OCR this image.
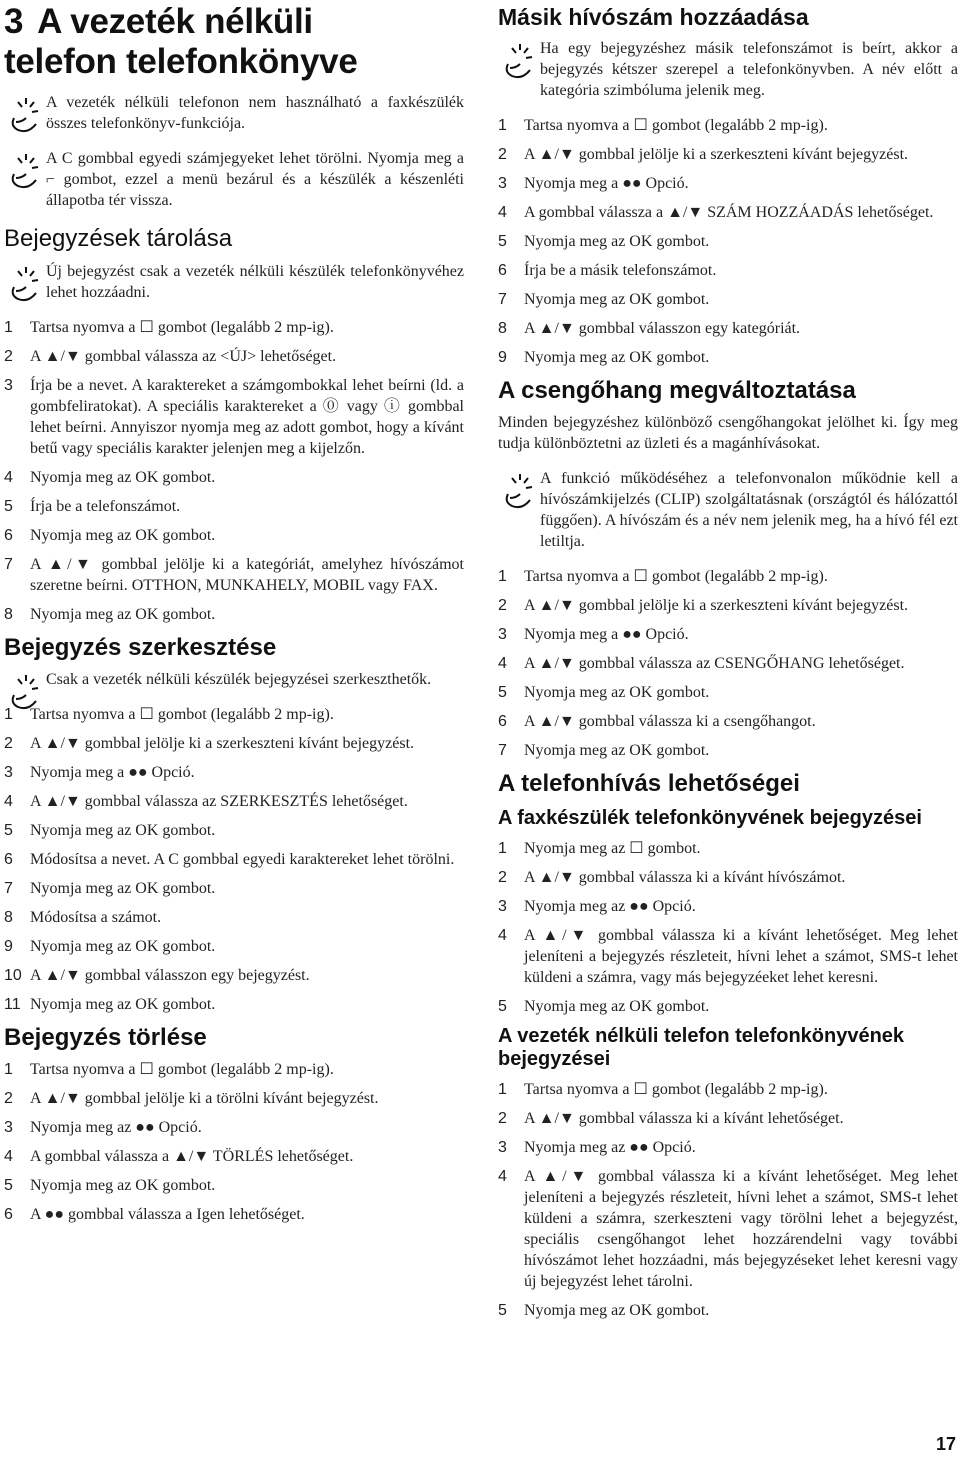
3 A vezeték nélküli
telefon telefonkönyve

A vezeték nélküli telefonon nem használható a faxkészülék összes telefonkönyv-funkciója.

A C gombbal egyedi számjegyeket lehet törölni. Nyomja meg a ⌐ gombot, ezzel a menü bezárul és a készülék a készenléti állapotba tér vissza.

Bejegyzések tárolása

Új bejegyzést csak a vezeték nélküli készülék telefonkönyvéhez lehet hozzáadni.

1 Tartsa nyomva a ☐ gombot (legalább 2 mp-ig).
2 A ▲/▼ gombbal válassza az <ÚJ> lehetőséget.
3 Írja be a nevet. A karaktereket a számgombokkal lehet beírni (ld. a gombfeliratokat). A speciális karaktereket a ⓪ vagy ⓘ gombbal lehet beírni. Annyiszor nyomja meg az adott gombot, hogy a kívánt betű vagy speciális karakter jelenjen meg a kijelzőn.
4 Nyomja meg az OK gombot.
5 Írja be a telefonszámot.
6 Nyomja meg az OK gombot.
7 A ▲/▼ gombbal jelölje ki a kategóriát, amelyhez hívószámot szeretne beírni. OTTHON, MUNKAHELY, MOBIL vagy FAX.
8 Nyomja meg az OK gombot.
Bejegyzés szerkesztése

Csak a vezeték nélküli készülék bejegyzései szerkeszthetők.

1 Tartsa nyomva a ☐ gombot (legalább 2 mp-ig).
2 A ▲/▼ gombbal jelölje ki a szerkeszteni kívánt bejegyzést.
3 Nyomja meg a ●● Opció.
4 A ▲/▼ gombbal válassza az SZERKESZTÉS lehetőséget.
5 Nyomja meg az OK gombot.
6 Módosítsa a nevet. A C gombbal egyedi karaktereket lehet törölni.
7 Nyomja meg az OK gombot.
8 Módosítsa a számot.
9 Nyomja meg az OK gombot.
10 A ▲/▼ gombbal válasszon egy bejegyzést.
11 Nyomja meg az OK gombot.
Bejegyzés törlése
1 Tartsa nyomva a ☐ gombot (legalább 2 mp-ig).
2 A ▲/▼ gombbal jelölje ki a törölni kívánt bejegyzést.
3 Nyomja meg az ●● Opció.
4 A gombbal válassza a ▲/▼ TÖRLÉS lehetőséget.
5 Nyomja meg az OK gombot.
6 A ●● gombbal válassza a Igen lehetőséget.
Másik hívószám hozzáadása

Ha egy bejegyzéshez másik telefonszámot is beírt, akkor a bejegyzés kétszer szerepel a telefonkönyvben. A név előtt a kategória szimbóluma jelenik meg.

1 Tartsa nyomva a ☐ gombot (legalább 2 mp-ig).
2 A ▲/▼ gombbal jelölje ki a szerkeszteni kívánt bejegyzést.
3 Nyomja meg a ●● Opció.
4 A gombbal válassza a ▲/▼ SZÁM HOZZÁADÁS lehetőséget.
5 Nyomja meg az OK gombot.
6 Írja be a másik telefonszámot.
7 Nyomja meg az OK gombot.
8 A ▲/▼ gombbal válasszon egy kategóriát.
9 Nyomja meg az OK gombot.
A csengőhang megváltoztatása

Minden bejegyzéshez különböző csengőhangokat jelölhet ki. Így meg tudja különböztetni az üzleti és a magánhívásokat.

A funkció működéséhez a telefonvonalon működnie kell a hívószámkijelzés (CLIP) szolgáltatásnak (országtól és hálózattól függően). A hívószám és a név nem jelenik meg, ha a hívó fél ezt letiltja.

1 Tartsa nyomva a ☐ gombot (legalább 2 mp-ig).
2 A ▲/▼ gombbal jelölje ki a szerkeszteni kívánt bejegyzést.
3 Nyomja meg a ●● Opció.
4 A ▲/▼ gombbal válassza az CSENGŐHANG lehetőséget.
5 Nyomja meg az OK gombot.
6 A ▲/▼ gombbal válassza ki a csengőhangot.
7 Nyomja meg az OK gombot.
A telefonhívás lehetőségei
A faxkészülék telefonkönyvének bejegyzései
1 Nyomja meg az ☐ gombot.
2 A ▲/▼ gombbal válassza ki a kívánt hívószámot.
3 Nyomja meg az ●● Opció.
4 A ▲/▼ gombbal válassza ki a kívánt lehetőséget. Meg lehet jeleníteni a bejegyzés részleteit, hívni lehet a számot, SMS-t lehet küldeni a számra, vagy más bejegyzéeket lehet keresni.
5 Nyomja meg az OK gombot.
A vezeték nélküli telefon telefonkönyvének bejegyzései
1 Tartsa nyomva a ☐ gombot (legalább 2 mp-ig).
2 A ▲/▼ gombbal válassza ki a kívánt lehetőséget.
3 Nyomja meg az ●● Opció.
4 A ▲/▼ gombbal válassza ki a kívánt lehetőséget. Meg lehet jeleníteni a bejegyzés részleteit, hívni lehet a számot, SMS-t lehet küldeni a számra, szerkeszteni vagy törölni lehet a bejegyzést, speciális csengőhangot lehet hozzárendelni vagy további hívószámot lehet hozzáadni, más bejegyzéseket lehet keresni vagy új bejegyzést lehet tárolni.
5 Nyomja meg az OK gombot.
17
